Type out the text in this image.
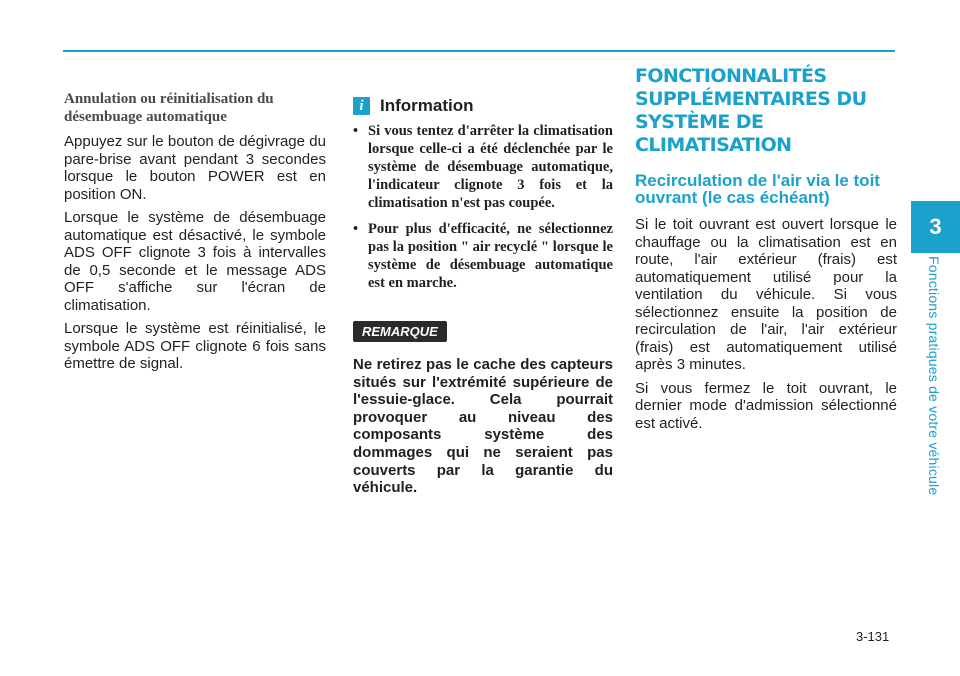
3
Fonctions pratiques de votre véhicule

Annulation ou réinitialisation du désembuage automatique

Appuyez sur le bouton de dégivrage du pare-brise avant pendant 3 secondes lorsque le bouton POWER est en position ON.

Lorsque le système de désembuage automatique est désactivé, le symbole ADS OFF clignote 3 fois à intervalles de 0,5 seconde et le message ADS OFF s'affiche sur l'écran de climatisation.

Lorsque le système est réinitialisé, le symbole ADS OFF clignote 6 fois sans émettre de signal.

i Information
• Si vous tentez d'arrêter la climatisation lorsque celle-ci a été déclenchée par le système de désembuage automatique, l'indicateur clignote 3 fois et la climatisation n'est pas coupée.
• Pour plus d'efficacité, ne sélectionnez pas la position " air recyclé " lorsque le système de désembuage automatique est en marche.
REMARQUE

Ne retirez pas le cache des capteurs situés sur l'extrémité supérieure de l'essuie-glace. Cela pourrait provoquer au niveau des composants système des dommages qui ne seraient pas couverts par la garantie du véhicule.

FONCTIONNALITÉS
SUPPLÉMENTAIRES DU
SYSTÈME DE CLIMATISATION

Recirculation de l'air via le toit ouvrant (le cas échéant)

Si le toit ouvrant est ouvert lorsque le chauffage ou la climatisation est en route, l'air extérieur (frais) est automatiquement utilisé pour la ventilation du véhicule. Si vous sélectionnez ensuite la position de recirculation de l'air, l'air extérieur (frais) est automatiquement utilisé après 3 minutes.

Si vous fermez le toit ouvrant, le dernier mode d'admission sélectionné est activé.

3-131
